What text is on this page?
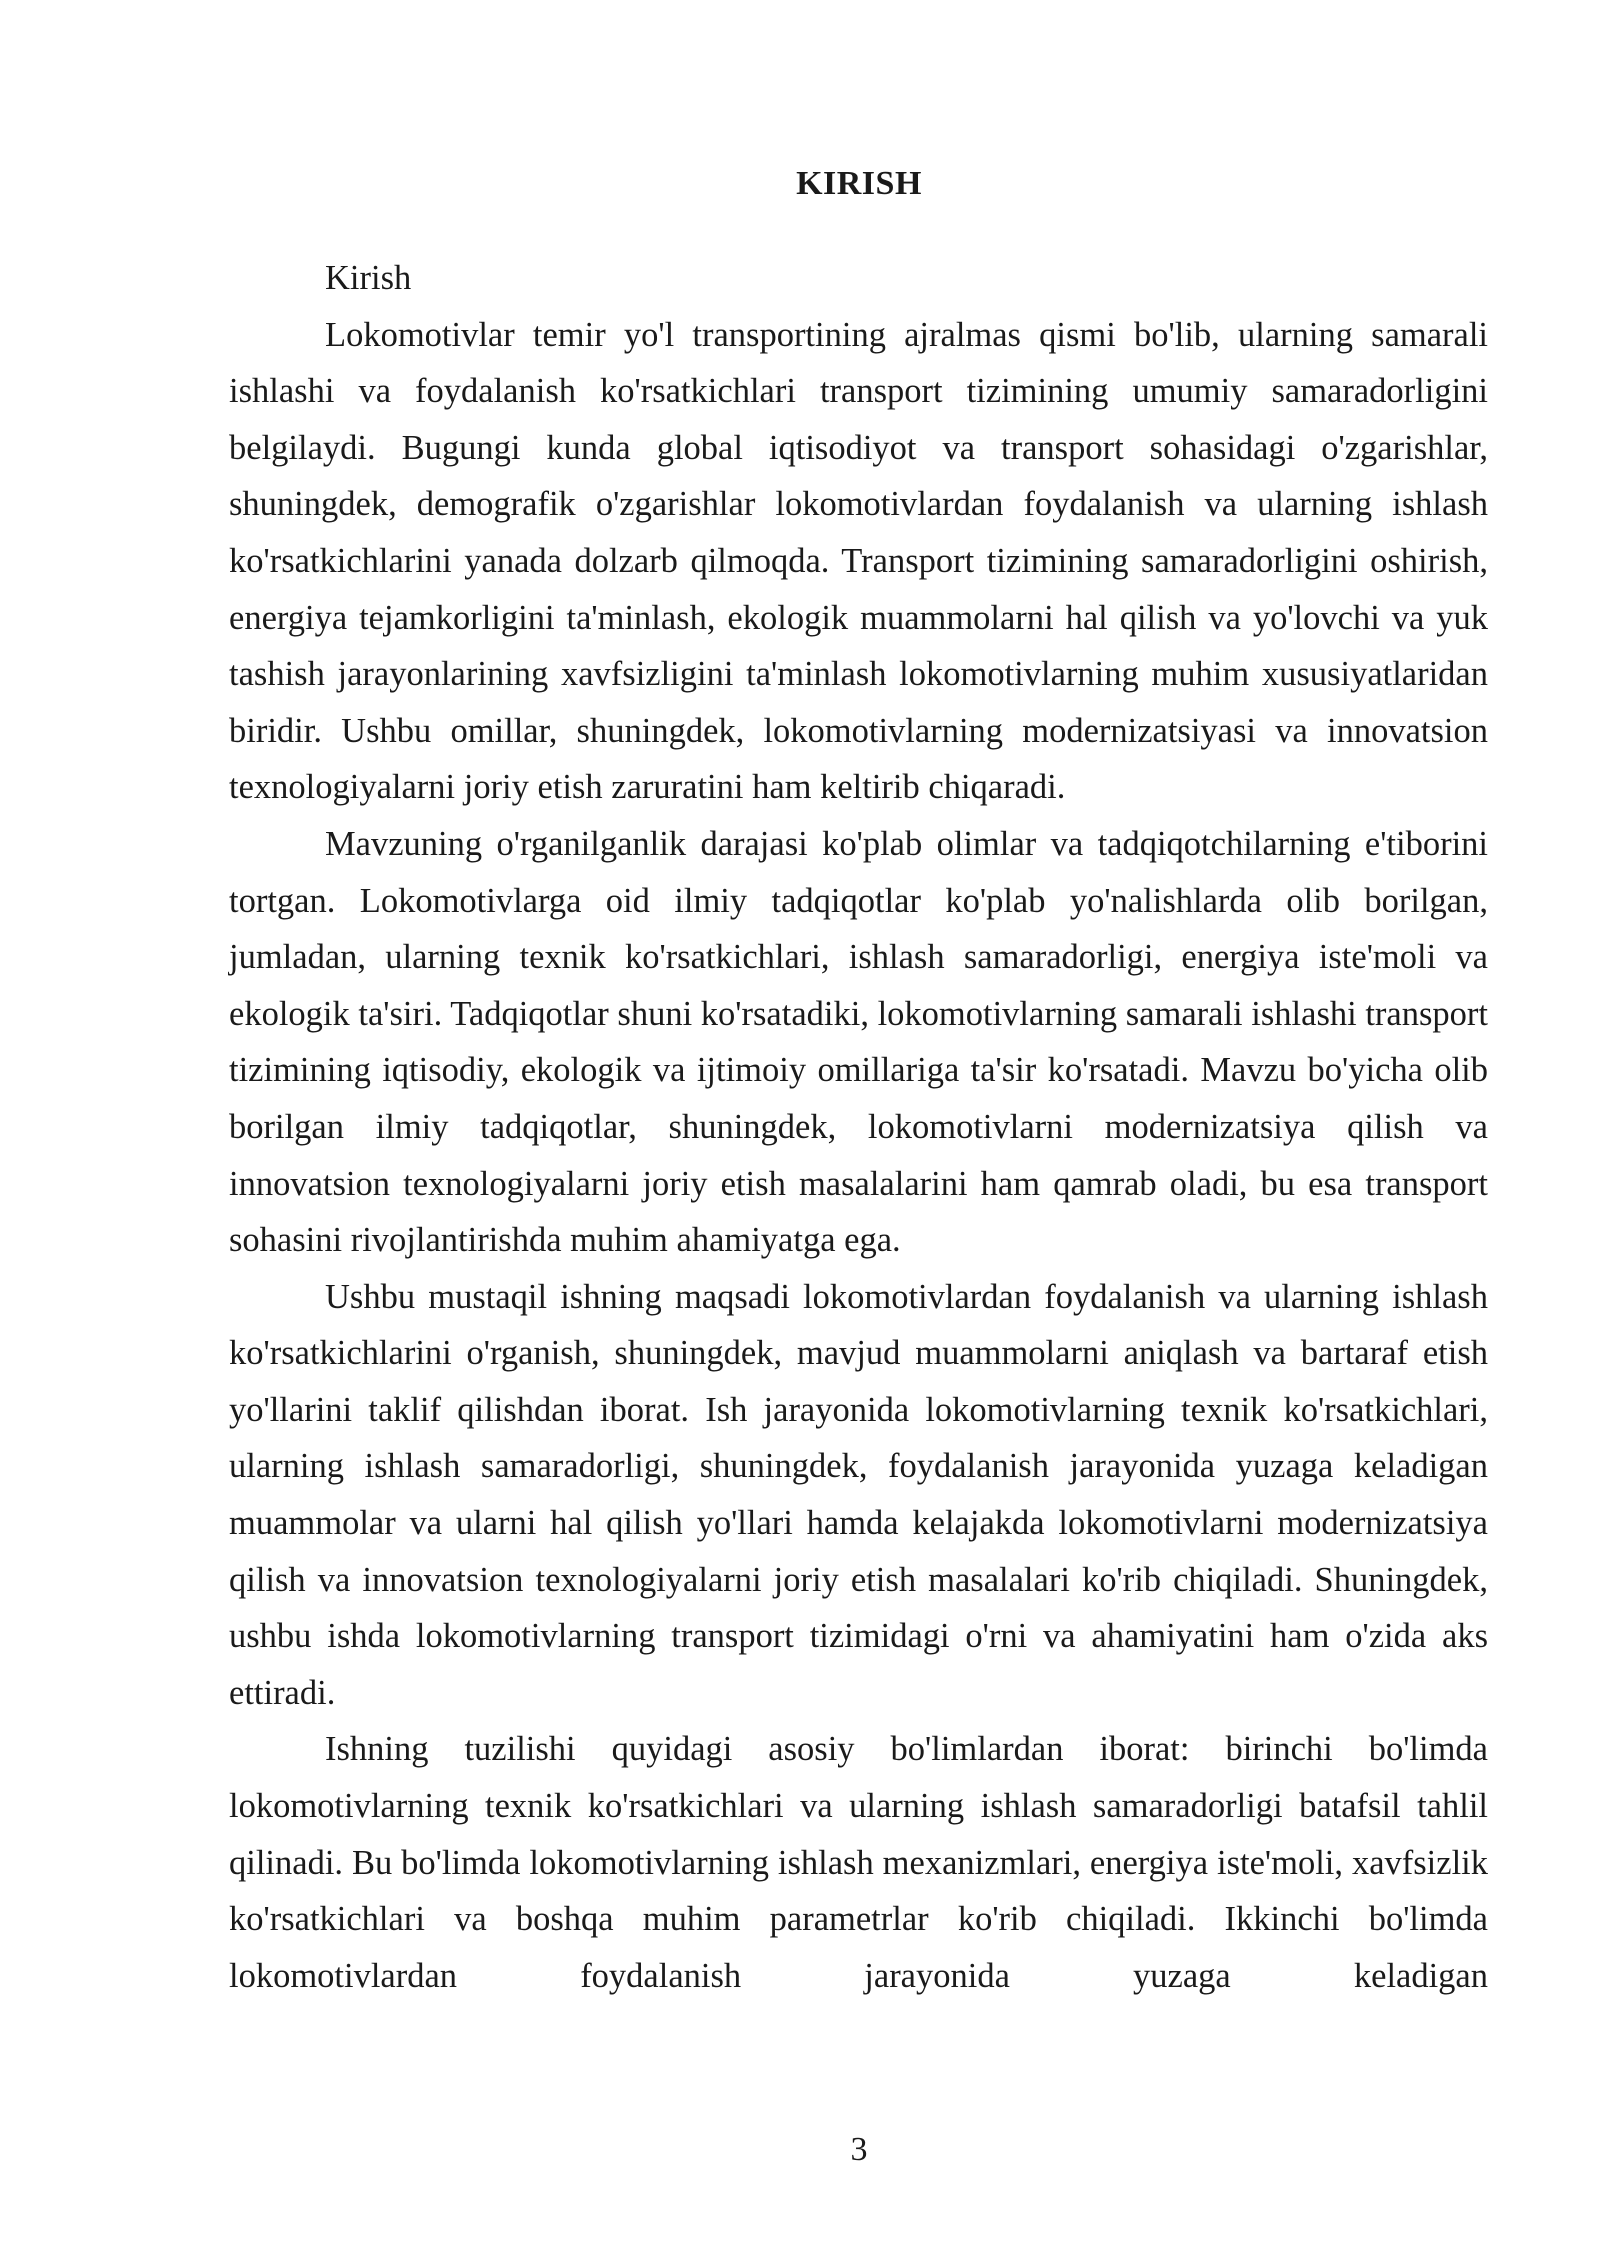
KIRISH

Kirish

Lokomotivlar temir yo'l transportining ajralmas qismi bo'lib, ularning samarali ishlashi va foydalanish ko'rsatkichlari transport tizimining umumiy samaradorligini belgilaydi. Bugungi kunda global iqtisodiyot va transport sohasidagi o'zgarishlar, shuningdek, demografik o'zgarishlar lokomotivlardan foydalanish va ularning ishlash ko'rsatkichlarini yanada dolzarb qilmoqda. Transport tizimining samaradorligini oshirish, energiya tejamkorligini ta'minlash, ekologik muammolarni hal qilish va yo'lovchi va yuk tashish jarayonlarining xavfsizligini ta'minlash lokomotivlarning muhim xususiyatlaridan biridir. Ushbu omillar, shuningdek, lokomotivlarning modernizatsiyasi va innovatsion texnologiyalarni joriy etish zaruratini ham keltirib chiqaradi.

Mavzuning o'rganilganlik darajasi ko'plab olimlar va tadqiqotchilarning e'tiborini tortgan. Lokomotivlarga oid ilmiy tadqiqotlar ko'plab yo'nalishlarda olib borilgan, jumladan, ularning texnik ko'rsatkichlari, ishlash samaradorligi, energiya iste'moli va ekologik ta'siri. Tadqiqotlar shuni ko'rsatadiki, lokomotivlarning samarali ishlashi transport tizimining iqtisodiy, ekologik va ijtimoiy omillariga ta'sir ko'rsatadi. Mavzu bo'yicha olib borilgan ilmiy tadqiqotlar, shuningdek, lokomotivlarni modernizatsiya qilish va innovatsion texnologiyalarni joriy etish masalalarini ham qamrab oladi, bu esa transport sohasini rivojlantirishda muhim ahamiyatga ega.

Ushbu mustaqil ishning maqsadi lokomotivlardan foydalanish va ularning ishlash ko'rsatkichlarini o'rganish, shuningdek, mavjud muammolarni aniqlash va bartaraf etish yo'llarini taklif qilishdan iborat. Ish jarayonida lokomotivlarning texnik ko'rsatkichlari, ularning ishlash samaradorligi, shuningdek, foydalanish jarayonida yuzaga keladigan muammolar va ularni hal qilish yo'llari hamda kelajakda lokomotivlarni modernizatsiya qilish va innovatsion texnologiyalarni joriy etish masalalari ko'rib chiqiladi. Shuningdek, ushbu ishda lokomotivlarning transport tizimidagi o'rni va ahamiyatini ham o'zida aks ettiradi.

Ishning tuzilishi quyidagi asosiy bo'limlardan iborat: birinchi bo'limda lokomotivlarning texnik ko'rsatkichlari va ularning ishlash samaradorligi batafsil tahlil qilinadi. Bu bo'limda lokomotivlarning ishlash mexanizmlari, energiya iste'moli, xavfsizlik ko'rsatkichlari va boshqa muhim parametrlar ko'rib chiqiladi. Ikkinchi bo'limda lokomotivlardan foydalanish jarayonida yuzaga keladigan

3
